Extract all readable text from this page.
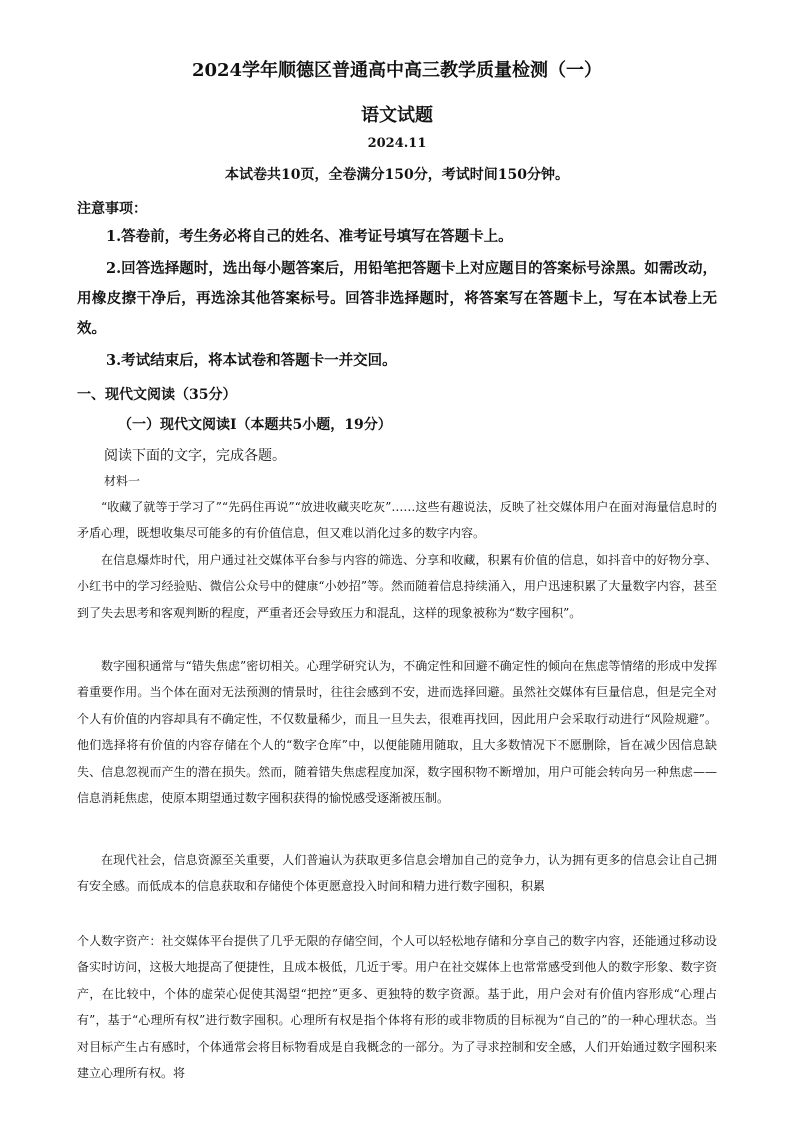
2024学年顺德区普通高中高三教学质量检测（一）
语文试题
2024.11
本试卷共10页，全卷满分150分，考试时间150分钟。
注意事项：
1.答卷前，考生务必将自己的姓名、准考证号填写在答题卡上。
2.回答选择题时，选出每小题答案后，用铅笔把答题卡上对应题目的答案标号涂黑。如需改动，用橡皮擦干净后，再选涂其他答案标号。回答非选择题时，将答案写在答题卡上，写在本试卷上无效。
3.考试结束后，将本试卷和答题卡一并交回。
一、现代文阅读（35分）
（一）现代文阅读Ⅰ（本题共5小题，19分）
阅读下面的文字，完成各题。
材料一
“收藏了就等于学习了”“先码住再说”“放进收藏夹吃灰”……这些有趣说法，反映了社交媒体用户在面对海量信息时的矛盾心理，既想收集尽可能多的有价值信息，但又难以消化过多的数字内容。
在信息爆炸时代，用户通过社交媒体平台参与内容的筛选、分享和收藏，积累有价值的信息，如抖音中的好物分享、小红书中的学习经验贴、微信公众号中的健康“小妙招”等。然而随着信息持续涌入，用户迅速积累了大量数字内容，甚至到了失去思考和客观判断的程度，严重者还会导致压力和混乱，这样的现象被称为“数字囤积”。
数字囤积通常与“错失焦虑”密切相关。心理学研究认为，不确定性和回避不确定性的倾向在焦虑等情绪的形成中发挥着重要作用。当个体在面对无法预测的情景时，往往会感到不安，进而选择回避。虽然社交媒体有巨量信息，但是完全对个人有价值的内容却具有不确定性，不仅数量稀少，而且一旦失去，很难再找回，因此用户会采取行动进行“风险规避”。他们选择将有价值的内容存储在个人的“数字仓库”中，以便能随用随取，且大多数情况下不愿删除，旨在减少因信息缺失、信息忽视而产生的潜在损失。然而，随着错失焦虑程度加深，数字囤积物不断增加，用户可能会转向另一种焦虑——信息消耗焦虑，使原本期望通过数字囤积获得的愉悦感受逐渐被压制。
在现代社会，信息资源至关重要，人们普遍认为获取更多信息会增加自己的竞争力，认为拥有更多的信息会让自己拥有安全感。而低成本的信息获取和存储使个体更愿意投入时间和精力进行数字囤积，积累
个人数字资产：社交媒体平台提供了几乎无限的存储空间，个人可以轻松地存储和分享自己的数字内容，还能通过移动设备实时访问，这极大地提高了便捷性，且成本极低，几近于零。用户在社交媒体上也常常感受到他人的数字形象、数字资产，在比较中，个体的虚荣心促使其渴望“把控”更多、更独特的数字资源。基于此，用户会对有价值内容形成“心理占有”，基于“心理所有权”进行数字囤积。心理所有权是指个体将有形的或非物质的目标视为“自己的”的一种心理状态。当对目标产生占有感时，个体通常会将目标物看成是自我概念的一部分。为了寻求控制和安全感，人们开始通过数字囤积来建立心理所有权。将
